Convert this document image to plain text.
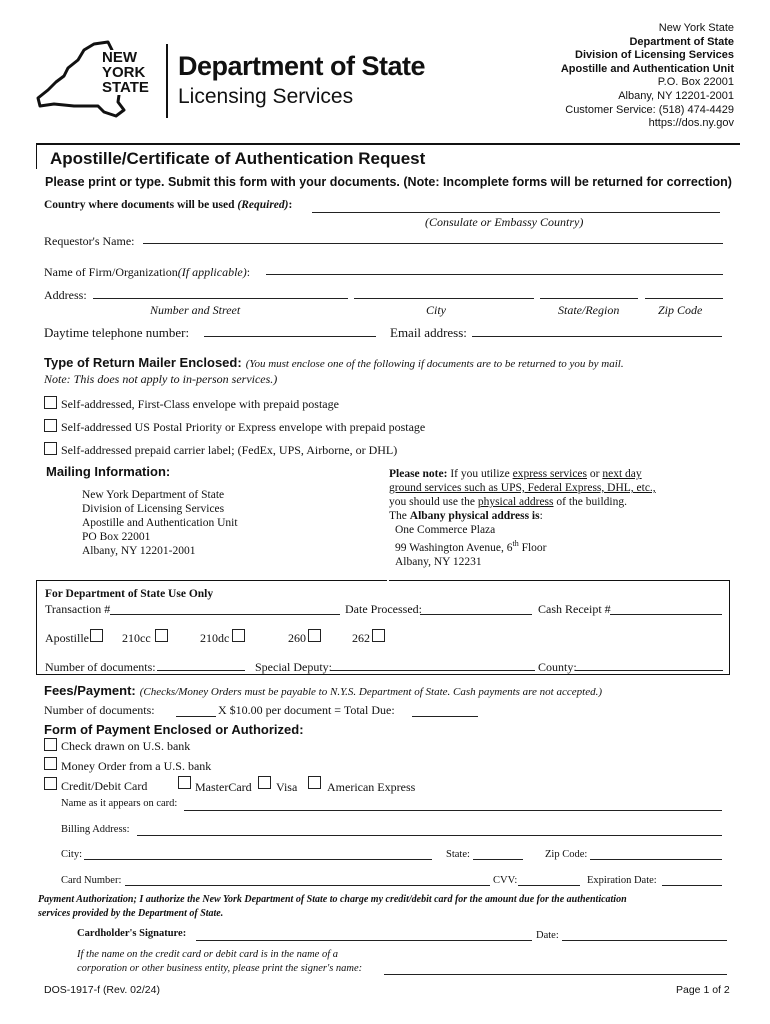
NEW
YORK
STATE
Department of State
Licensing Services
New York State
Department of State
Division of Licensing Services
Apostille and Authentication Unit
P.O. Box 22001
Albany, NY 12201-2001
Customer Service: (518) 474-4429
https://dos.ny.gov
Apostille/Certificate of Authentication Request
Please print or type. Submit this form with your documents. (Note: Incomplete forms will be returned for correction)
Country where documents will be used (Required):
(Consulate or Embassy Country)
Requestor's Name:
Name of Firm/Organization(If applicable):
Address:
Number and Street	City	State/Region	Zip Code
Daytime telephone number:	Email address:
Type of Return Mailer Enclosed: (You must enclose one of the following if documents are to be returned to you by mail.
Note: This does not apply to in-person services.)
Self-addressed, First-Class envelope with prepaid postage
Self-addressed US Postal Priority or Express envelope with prepaid postage
Self-addressed prepaid carrier label; (FedEx, UPS, Airborne, or DHL)
Mailing Information:
New York Department of State
Division of Licensing Services
Apostille and Authentication Unit
PO Box 22001
Albany, NY 12201-2001
Please note: If you utilize express services or next day
ground services such as UPS, Federal Express, DHL, etc.,
you should use the physical address of the building.
The Albany physical address is:
One Commerce Plaza
99 Washington Avenue, 6th Floor
Albany, NY 12231
For Department of State Use Only
Transaction #	Date Processed:	Cash Receipt #
Apostille	210cc	210dc	260	262
Number of documents:	Special Deputy:	County:
Fees/Payment: (Checks/Money Orders must be payable to N.Y.S. Department of State. Cash payments are not accepted.)
Number of documents:	X $10.00 per document = Total Due:
Form of Payment Enclosed or Authorized:
Check drawn on U.S. bank
Money Order from a U.S. bank
Credit/Debit Card	MasterCard Visa American Express
Name as it appears on card:
Billing Address:
City:	State:	Zip Code:
Card Number:	CVV:	Expiration Date:
Payment Authorization; I authorize the New York Department of State to charge my credit/debit card for the amount due for the authentication
services provided by the Department of State.
Cardholder's Signature:	Date:
If the name on the credit card or debit card is in the name of a
corporation or other business entity, please print the signer's name:
DOS-1917-f (Rev. 02/24)	Page 1 of 2
